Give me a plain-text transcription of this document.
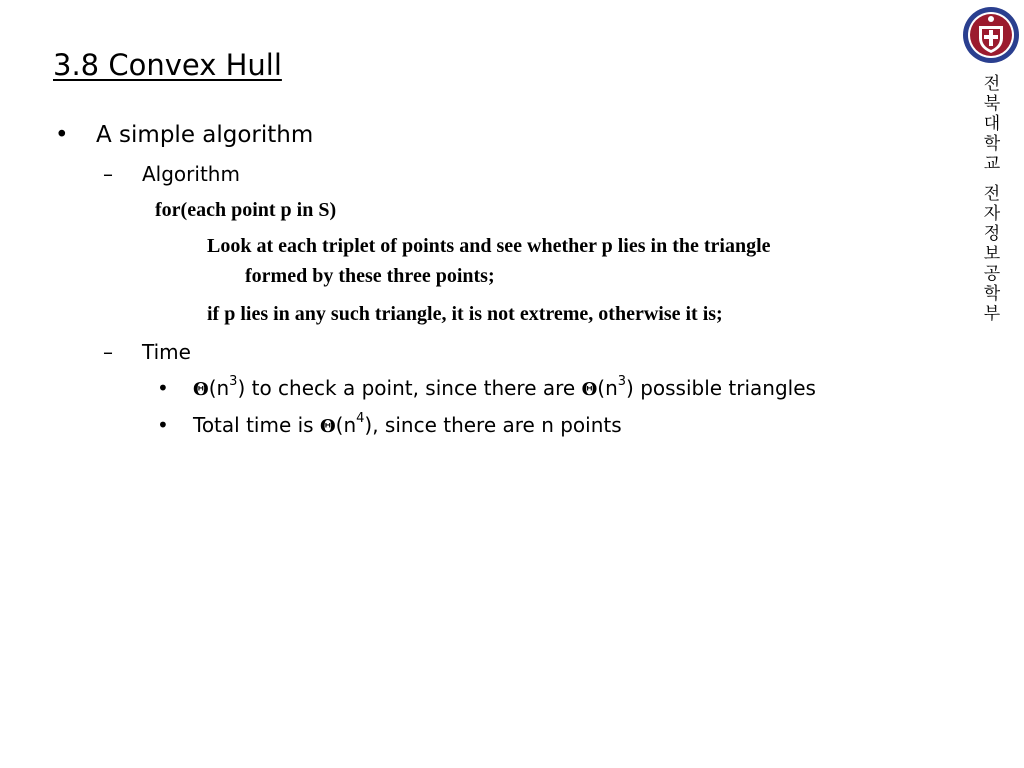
3.8 Convex Hull
전
북
대
학
교
전
자
정
보
공
학
부
• A simple algorithm
– Algorithm
for(each point p in S)
Look at each triplet of points and see whether p lies in the triangle
formed by these three points;
if p lies in any such triangle, it is not extreme, otherwise it is;
– Time
• $\Theta(n^3)$ to check a point, since there are $\Theta(n^3)$ possible triangles
• Total time is $\Theta(n^4)$, since there are n points
